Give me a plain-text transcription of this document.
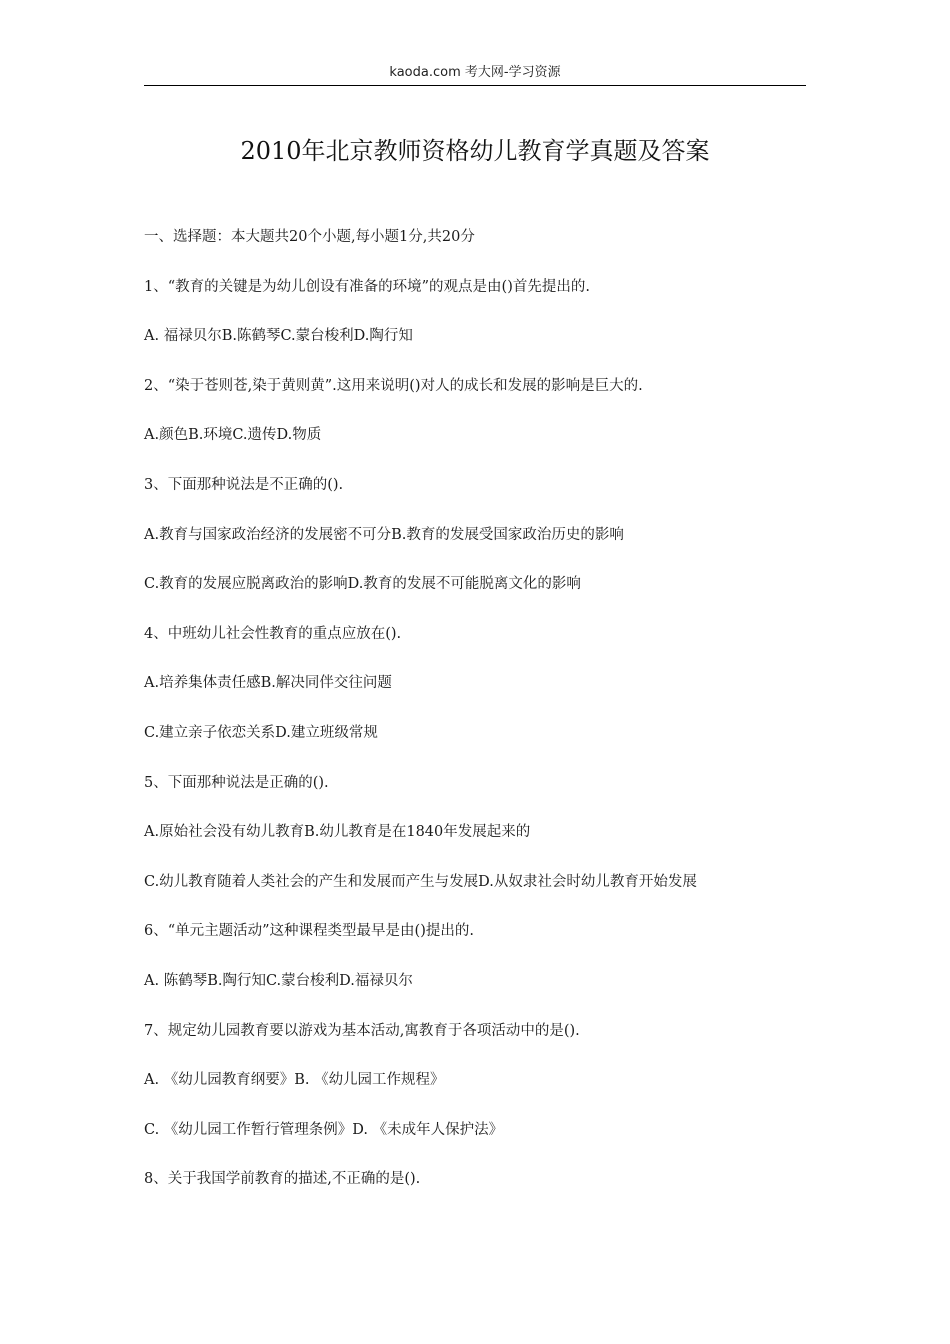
kaoda.com 考大网-学习资源
2010年北京教师资格幼儿教育学真题及答案
一、选择题：本大题共20个小题,每小题1分,共20分
1、“教育的关键是为幼儿创设有准备的环境”的观点是由()首先提出的.
A. 福禄贝尔B.陈鹤琴C.蒙台梭利D.陶行知
2、“染于苍则苍,染于黄则黄”.这用来说明()对人的成长和发展的影响是巨大的.
A.颜色B.环境C.遗传D.物质
3、下面那种说法是不正确的().
A.教育与国家政治经济的发展密不可分B.教育的发展受国家政治历史的影响
C.教育的发展应脱离政治的影响D.教育的发展不可能脱离文化的影响
4、中班幼儿社会性教育的重点应放在().
A.培养集体责任感B.解决同伴交往问题
C.建立亲子依恋关系D.建立班级常规
5、下面那种说法是正确的().
A.原始社会没有幼儿教育B.幼儿教育是在1840年发展起来的
C.幼儿教育随着人类社会的产生和发展而产生与发展D.从奴隶社会时幼儿教育开始发展
6、“单元主题活动”这种课程类型最早是由()提出的.
A. 陈鹤琴B.陶行知C.蒙台梭利D.福禄贝尔
7、规定幼儿园教育要以游戏为基本活动,寓教育于各项活动中的是().
A. 《幼儿园教育纲要》B. 《幼儿园工作规程》
C. 《幼儿园工作暂行管理条例》D. 《未成年人保护法》
8、关于我国学前教育的描述,不正确的是().
